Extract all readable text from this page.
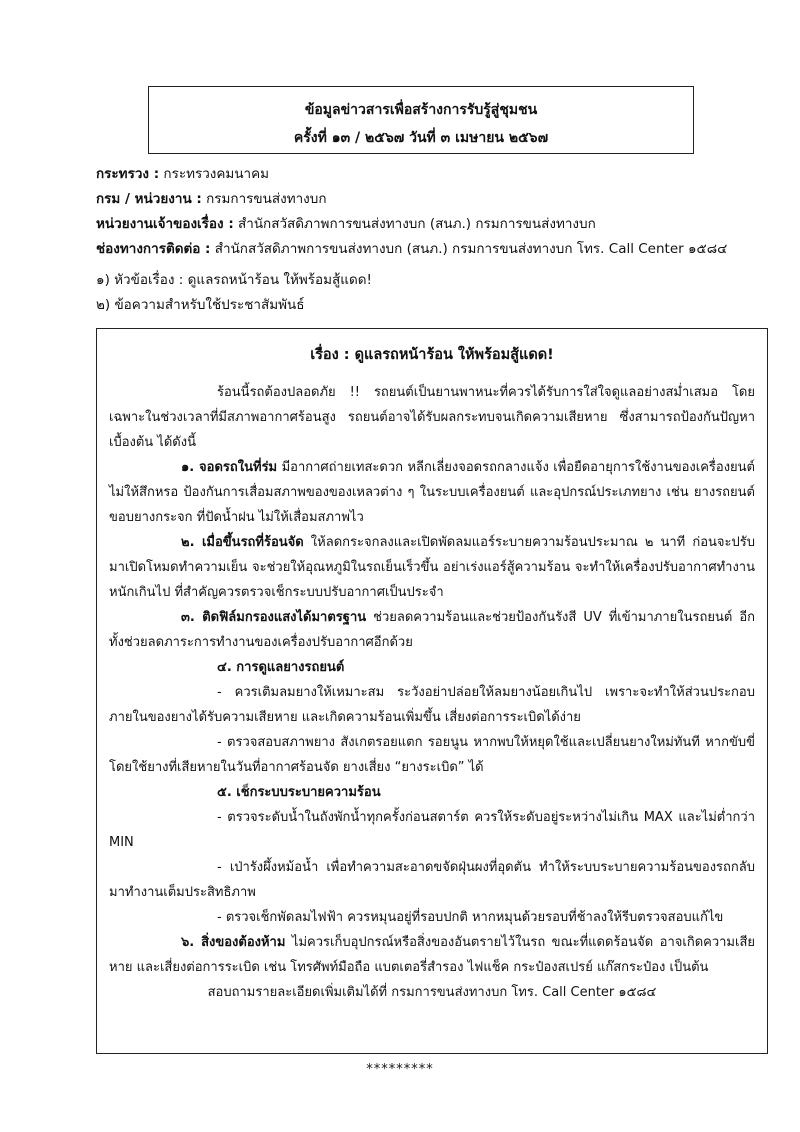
ข้อมูลข่าวสารเพื่อสร้างการรับรู้สู่ชุมชน
ครั้งที่ ๑๓ / ๒๕๖๗ วันที่ ๓ เมษายน ๒๕๖๗
กระทรวง : กระทรวงคมนาคม
กรม / หน่วยงาน : กรมการขนส่งทางบก
หน่วยงานเจ้าของเรื่อง : สำนักสวัสดิภาพการขนส่งทางบก (สนภ.) กรมการขนส่งทางบก
ช่องทางการติดต่อ : สำนักสวัสดิภาพการขนส่งทางบก (สนภ.) กรมการขนส่งทางบก โทร. Call Center ๑๕๘๔
๑) หัวข้อเรื่อง : ดูแลรถหน้าร้อน ให้พร้อมสู้แดด!
๒) ข้อความสำหรับใช้ประชาสัมพันธ์
เรื่อง : ดูแลรถหน้าร้อน ให้พร้อมสู้แดด!

ร้อนนี้รถต้องปลอดภัย !! รถยนต์เป็นยานพาหนะที่ควรได้รับการใส่ใจดูแลอย่างสม่ำเสมอ โดยเฉพาะในช่วงเวลาที่มีสภาพอากาศร้อนสูง รถยนต์อาจได้รับผลกระทบจนเกิดความเสียหาย ซึ่งสามารถป้องกันปัญหาเบื้องต้น ได้ดังนี้

๑. จอดรถในที่ร่ม มีอากาศถ่ายเทสะดวก หลีกเลี่ยงจอดรถกลางแจ้ง เพื่อยืดอายุการใช้งานของเครื่องยนต์ไม่ให้สึกหรอ ป้องกันการเสื่อมสภาพของของเหลวต่าง ๆ ในระบบเครื่องยนต์ และอุปกรณ์ประเภทยาง เช่น ยางรถยนต์ ขอบยางกระจก ที่ปัดน้ำฝน ไม่ให้เสื่อมสภาพไว

๒. เมื่อขึ้นรถที่ร้อนจัด ให้ลดกระจกลงและเปิดพัดลมแอร์ระบายความร้อนประมาณ ๒ นาที ก่อนจะปรับมาเปิดโหมดทำความเย็น จะช่วยให้อุณหภูมิในรถเย็นเร็วขึ้น อย่าเร่งแอร์สู้ความร้อน จะทำให้เครื่องปรับอากาศทำงานหนักเกินไป ที่สำคัญควรตรวจเช็กระบบปรับอากาศเป็นประจำ

๓. ติดฟิล์มกรองแสงได้มาตรฐาน ช่วยลดความร้อนและช่วยป้องกันรังสี UV ที่เข้ามาภายในรถยนต์ อีกทั้งช่วยลดภาระการทำงานของเครื่องปรับอากาศอีกด้วย

๔. การดูแลยางรถยนต์

- ควรเติมลมยางให้เหมาะสม ระวังอย่าปล่อยให้ลมยางน้อยเกินไป เพราะจะทำให้ส่วนประกอบภายในของยางได้รับความเสียหาย และเกิดความร้อนเพิ่มขึ้น เสี่ยงต่อการระเบิดได้ง่าย

- ตรวจสอบสภาพยาง สังเกตรอยแตก รอยนูน หากพบให้หยุดใช้และเปลี่ยนยางใหม่ทันที หากขับขี่โดยใช้ยางที่เสียหายในวันที่อากาศร้อนจัด ยางเสี่ยง “ยางระเบิด” ได้

๕. เช็กระบบระบายความร้อน

- ตรวจระดับน้ำในถังพักน้ำทุกครั้งก่อนสตาร์ต ควรให้ระดับอยู่ระหว่างไม่เกิน MAX และไม่ต่ำกว่า MIN

- เป่ารังผึ้งหม้อน้ำ เพื่อทำความสะอาดขจัดฝุ่นผงที่อุดตัน ทำให้ระบบระบายความร้อนของรถกลับมาทำงานเต็มประสิทธิภาพ

- ตรวจเช็กพัดลมไฟฟ้า ควรหมุนอยู่ที่รอบปกติ หากหมุนด้วยรอบที่ช้าลงให้รีบตรวจสอบแก้ไข

๖. สิ่งของต้องห้าม ไม่ควรเก็บอุปกรณ์หรือสิ่งของอันตรายไว้ในรถ ขณะที่แดดร้อนจัด อาจเกิดความเสียหาย และเสี่ยงต่อการระเบิด เช่น โทรศัพท์มือถือ แบตเตอรี่สำรอง ไฟแช็ค กระป๋องสเปรย์ แก๊สกระป๋อง เป็นต้น

สอบถามรายละเอียดเพิ่มเติมได้ที่ กรมการขนส่งทางบก โทร. Call Center ๑๕๘๔

*********
